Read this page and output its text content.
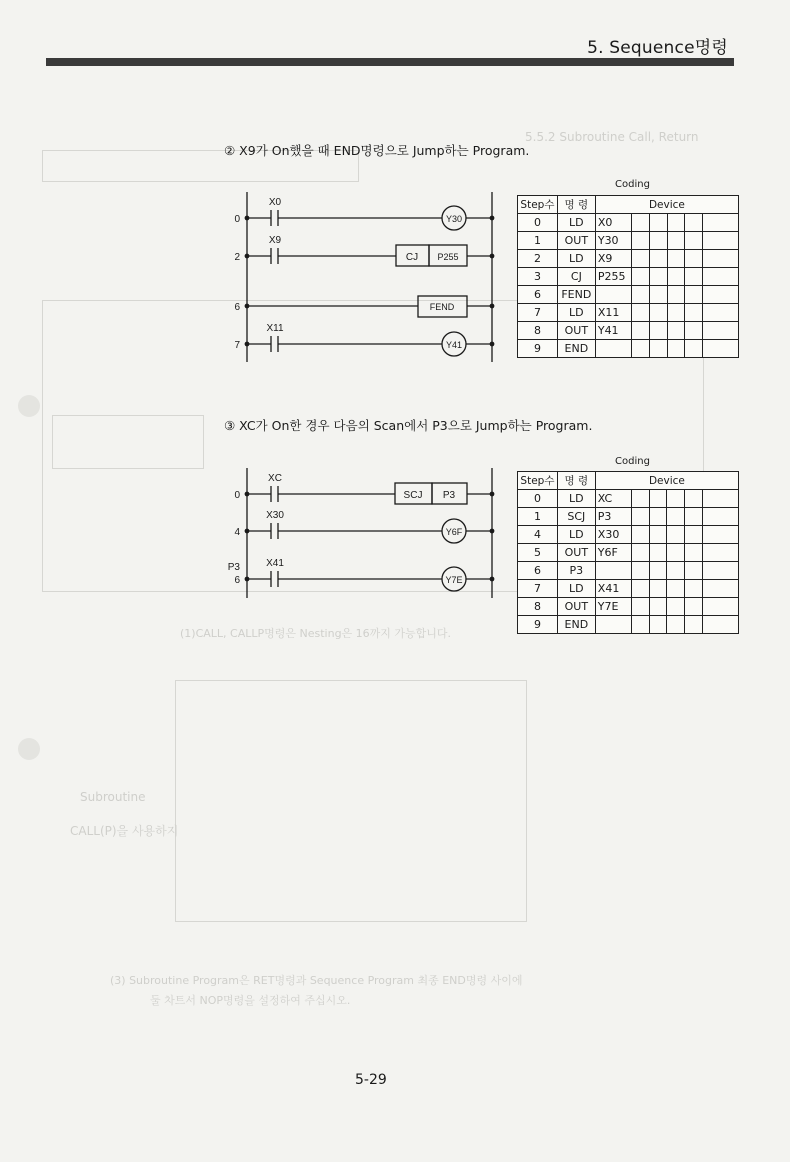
5.5.2 Subroutine Call, Return
(1)CALL, CALLP명령은 Nesting은 16까지 가능합니다.
Subroutine
CALL(P)을 사용하지
(3) Subroutine Program은 RET명령과 Sequence Program 최종 END명령 사이에
둘 차트서 NOP명령을 설정하여 주십시오.
5. Sequence명령
② X9가 On했을 때 END명령으로 Jump하는 Program.
0
2
6
7
X0
X9
X11
Y30
Y41
CJ P255
FEND
Coding
Step수	명 령	Device					
0	LD	X0					
1	OUT	Y30					
2	LD	X9					
3	CJ	P255					
6	FEND						
7	LD	X11					
8	OUT	Y41					
9	END						
③ XC가 On한 경우 다음의 Scan에서 P3으로 Jump하는 Program.
0
4
P3
6
XC
X30
X41
Y6F
Y7E
SCJ P3
Coding
Step수	명 령	Device					
0	LD	XC					
1	SCJ	P3					
4	LD	X30					
5	OUT	Y6F					
6	P3						
7	LD	X41					
8	OUT	Y7E					
9	END						
5-29
